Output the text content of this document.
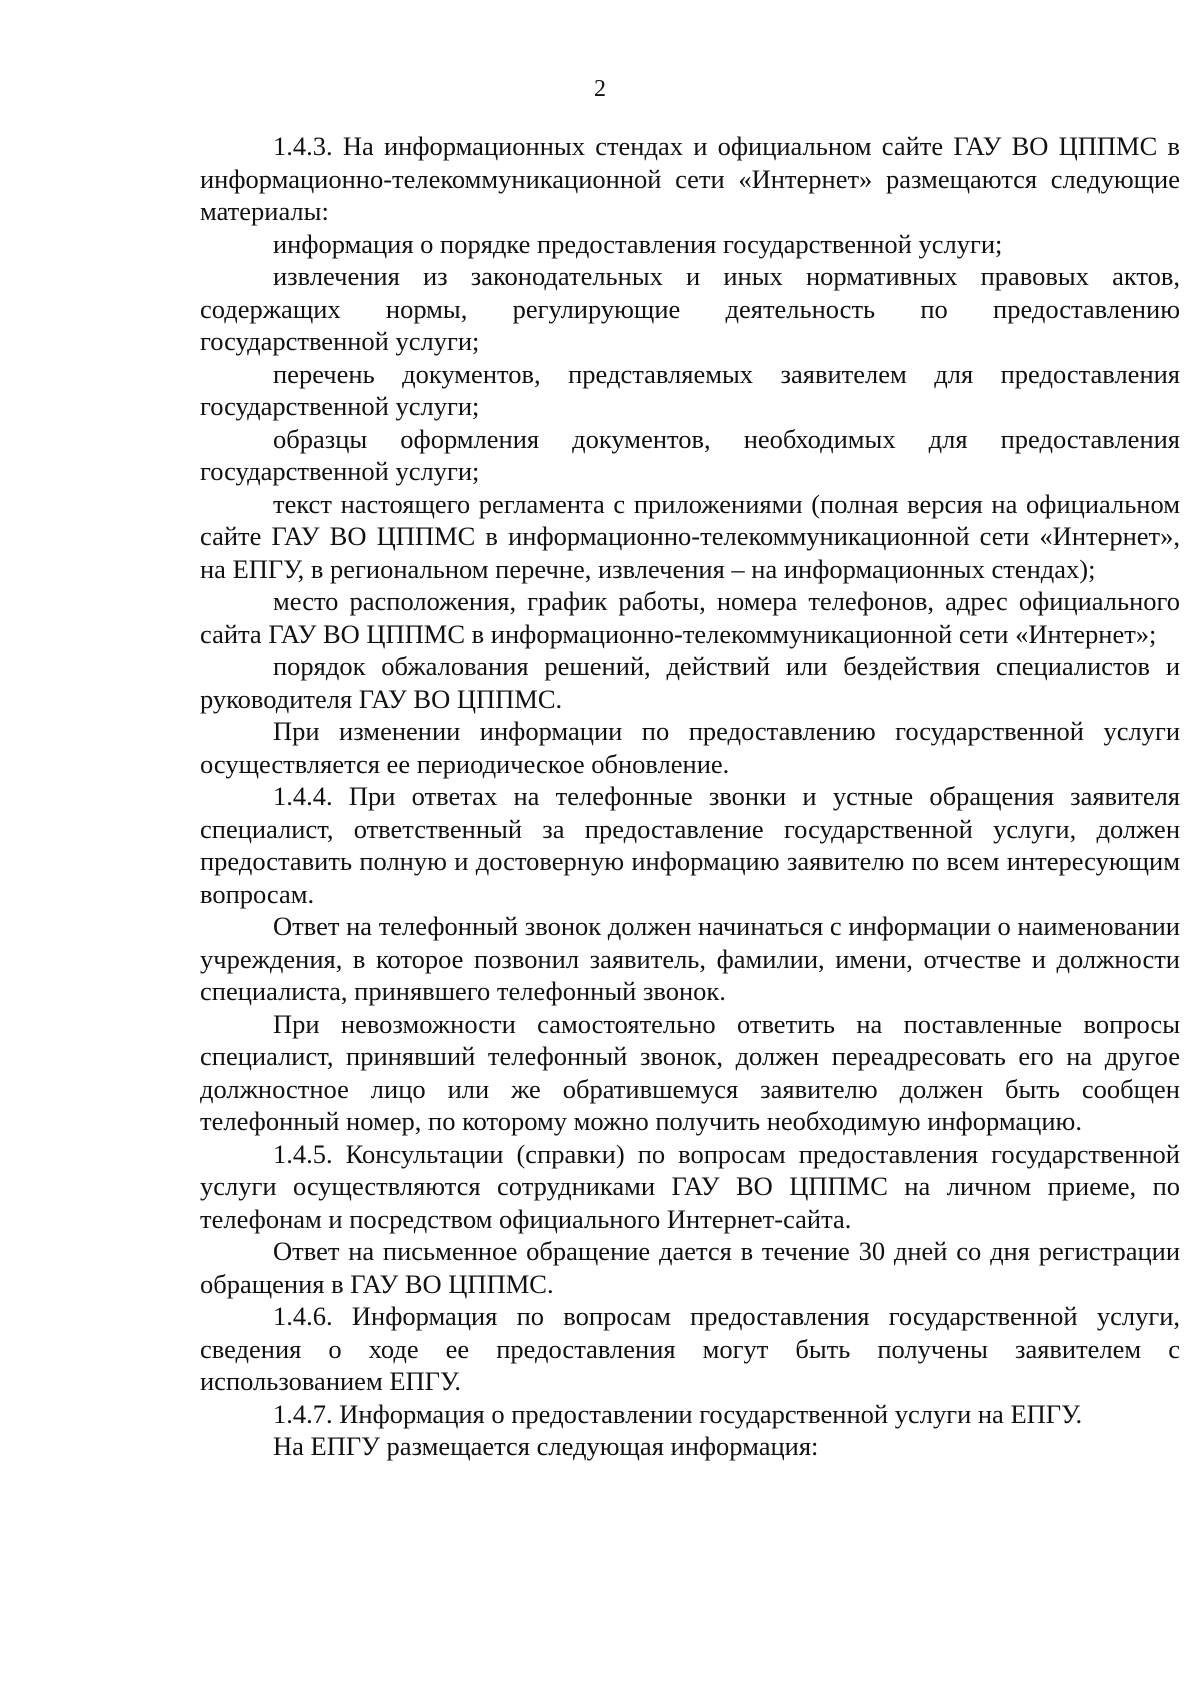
2

1.4.3. На информационных стендах и официальном сайте ГАУ ВО ЦППМС в информационно-телекоммуникационной сети «Интернет» размещаются следующие материалы:

информация о порядке предоставления государственной услуги;

извлечения из законодательных и иных нормативных правовых актов, содержащих нормы, регулирующие деятельность по предоставлению государственной услуги;

перечень документов, представляемых заявителем для предоставления государственной услуги;

образцы оформления документов, необходимых для предоставления государственной услуги;

текст настоящего регламента с приложениями (полная версия на официальном сайте ГАУ ВО ЦППМС в информационно-телекоммуникационной сети «Интернет», на ЕПГУ, в региональном перечне, извлечения – на информационных стендах);

место расположения, график работы, номера телефонов, адрес официального сайта ГАУ ВО ЦППМС в информационно-телекоммуникационной сети «Интернет»;

порядок обжалования решений, действий или бездействия специалистов и руководителя ГАУ ВО ЦППМС.

При изменении информации по предоставлению государственной услуги осуществляется ее периодическое обновление.

1.4.4. При ответах на телефонные звонки и устные обращения заявителя специалист, ответственный за предоставление государственной услуги, должен предоставить полную и достоверную информацию заявителю по всем интересующим вопросам.

Ответ на телефонный звонок должен начинаться с информации о наименовании учреждения, в которое позвонил заявитель, фамилии, имени, отчестве и должности специалиста, принявшего телефонный звонок.

При невозможности самостоятельно ответить на поставленные вопросы специалист, принявший телефонный звонок, должен переадресовать его на другое должностное лицо или же обратившемуся заявителю должен быть сообщен телефонный номер, по которому можно получить необходимую информацию.

1.4.5. Консультации (справки) по вопросам предоставления государственной услуги осуществляются сотрудниками ГАУ ВО ЦППМС на личном приеме, по телефонам и посредством официального Интернет-сайта.

Ответ на письменное обращение дается в течение 30 дней со дня регистрации обращения в ГАУ ВО ЦППМС.

1.4.6. Информация по вопросам предоставления государственной услуги, сведения о ходе ее предоставления могут быть получены заявителем с использованием ЕПГУ.

1.4.7. Информация о предоставлении государственной услуги на ЕПГУ.

На ЕПГУ размещается следующая информация:
